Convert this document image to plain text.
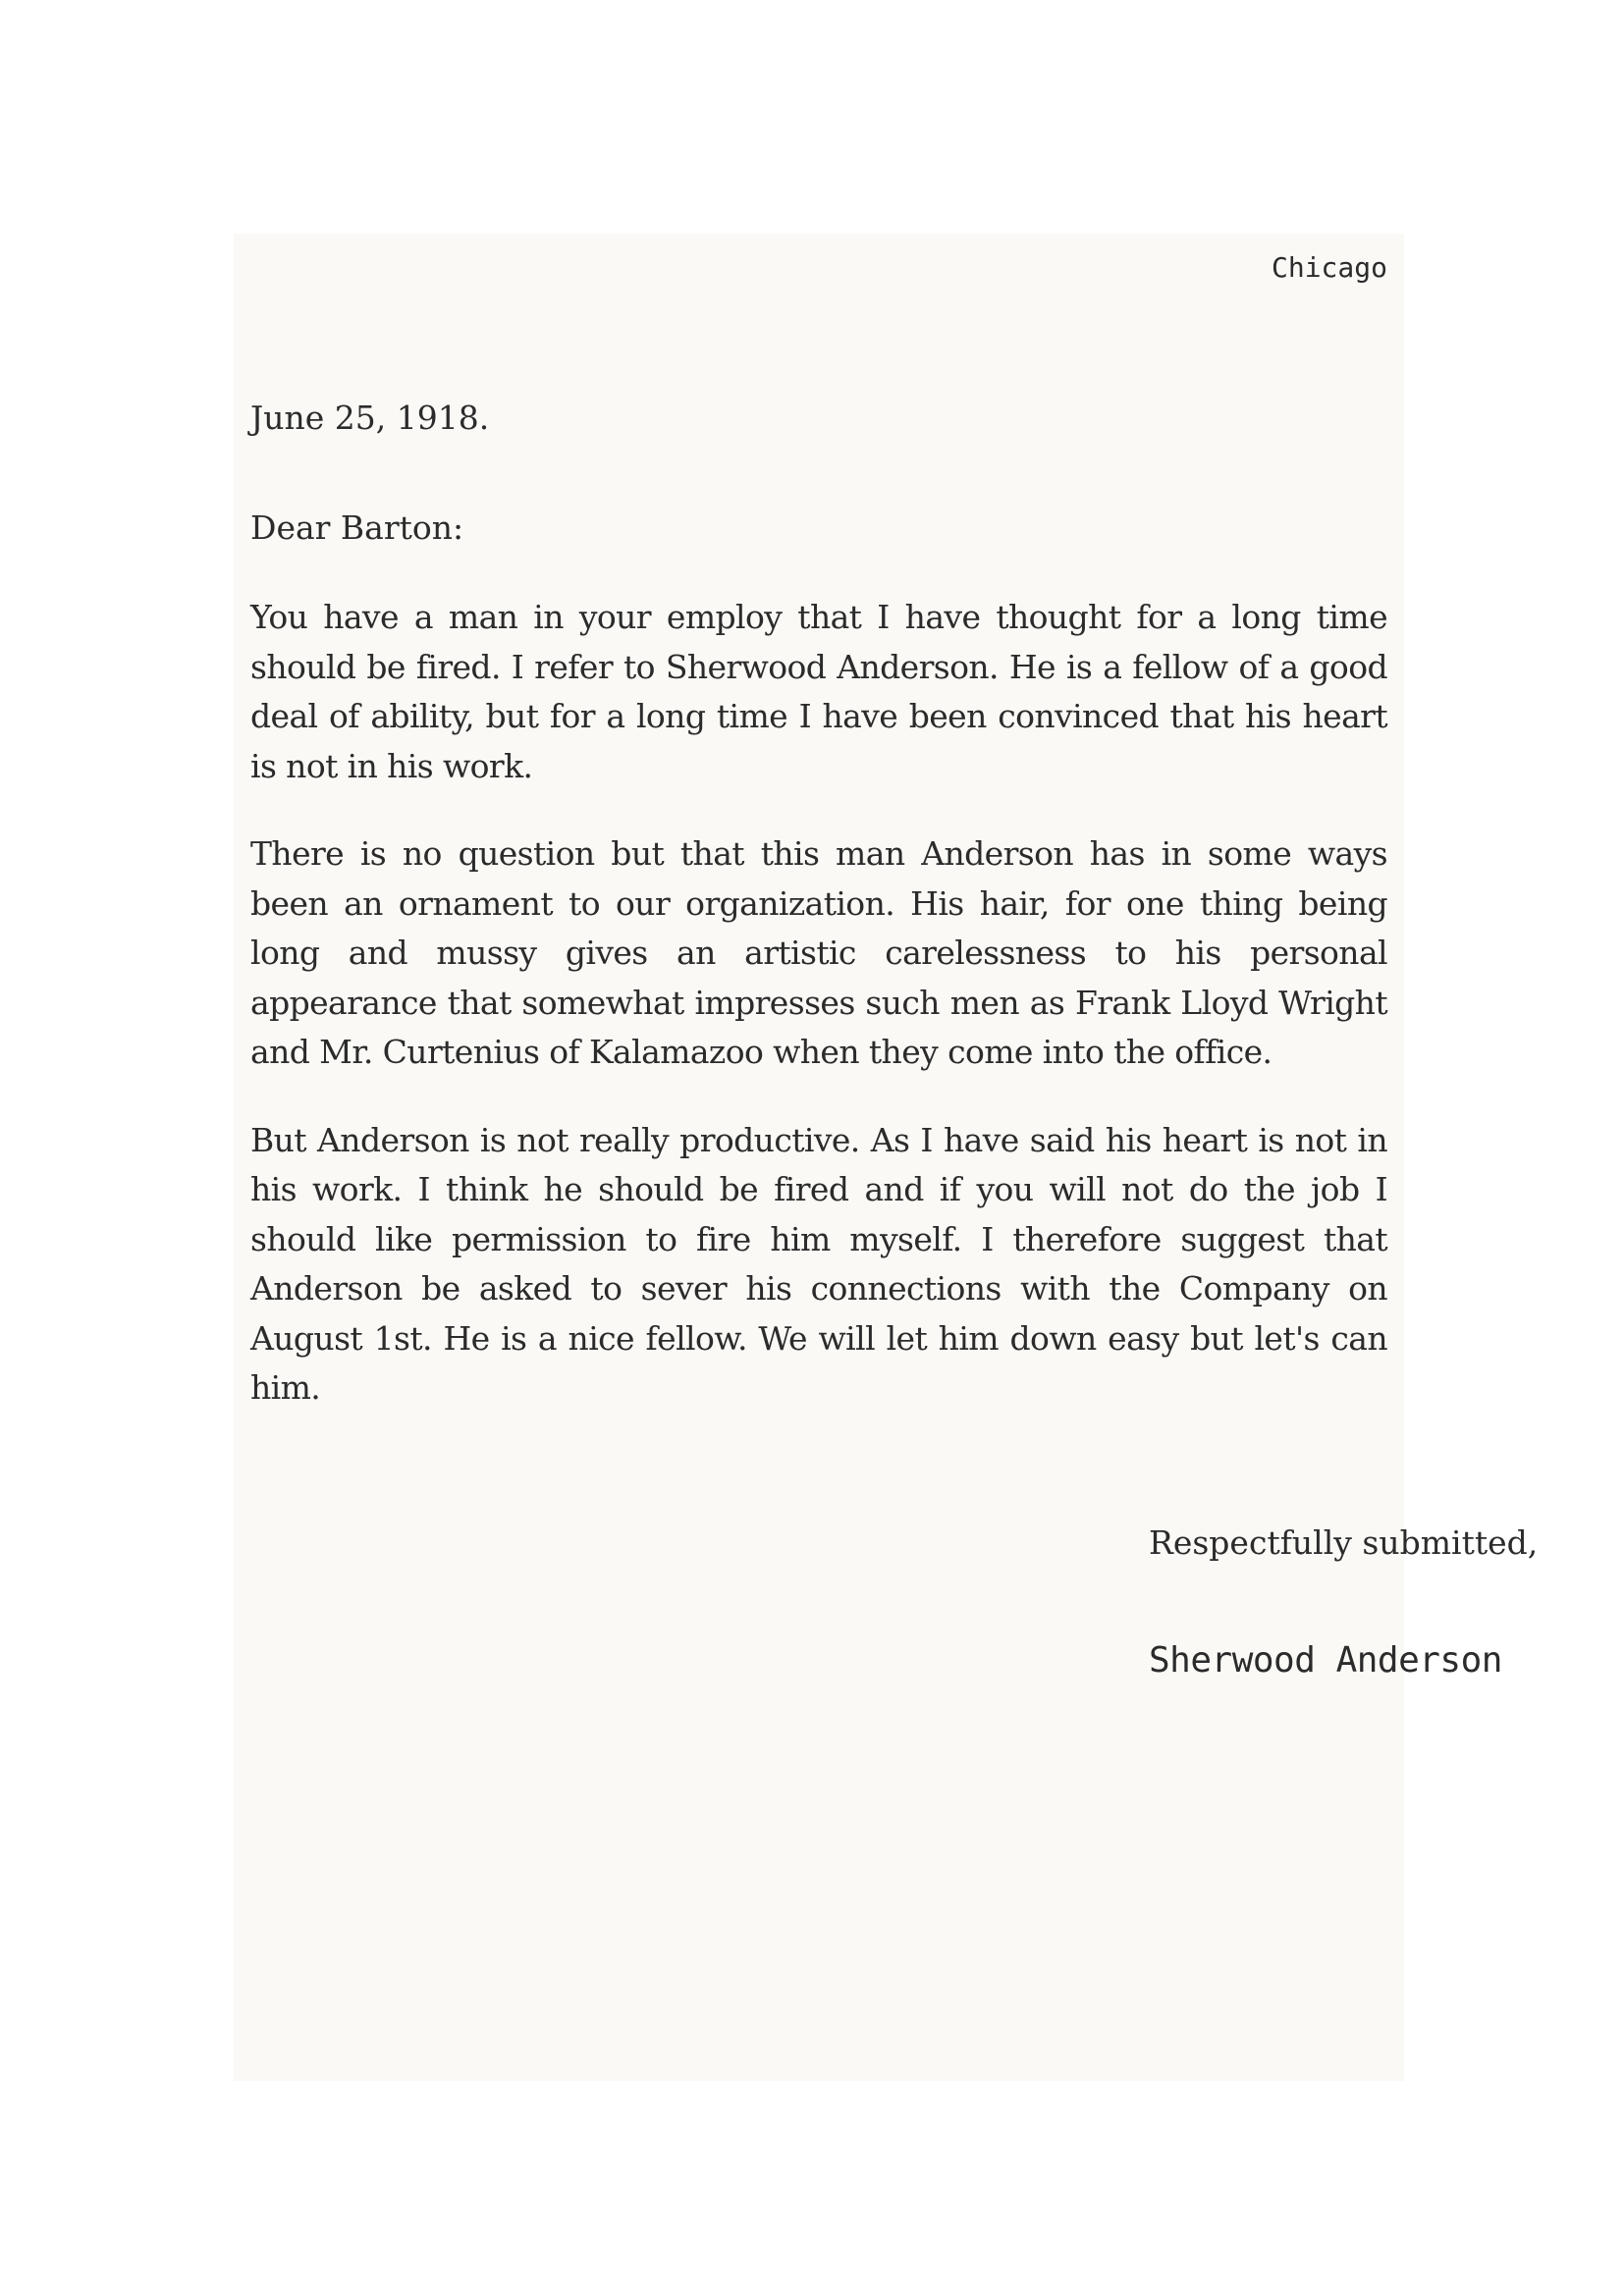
Chicago
June 25, 1918.
Dear Barton:

You have a man in your employ that I have thought for a long time should be fired. I refer to Sherwood Anderson. He is a fellow of a good deal of ability, but for a long time I have been convinced that his heart is not in his work.

There is no question but that this man Anderson has in some ways been an ornament to our organization. His hair, for one thing being long and mussy gives an artistic carelessness to his personal appearance that somewhat impresses such men as Frank Lloyd Wright and Mr. Curtenius of Kalamazoo when they come into the office.

But Anderson is not really productive. As I have said his heart is not in his work. I think he should be fired and if you will not do the job I should like permission to fire him myself. I therefore suggest that Anderson be asked to sever his connections with the Company on August 1st. He is a nice fellow. We will let him down easy but let's can him.

Respectfully submitted,
Sherwood Anderson
